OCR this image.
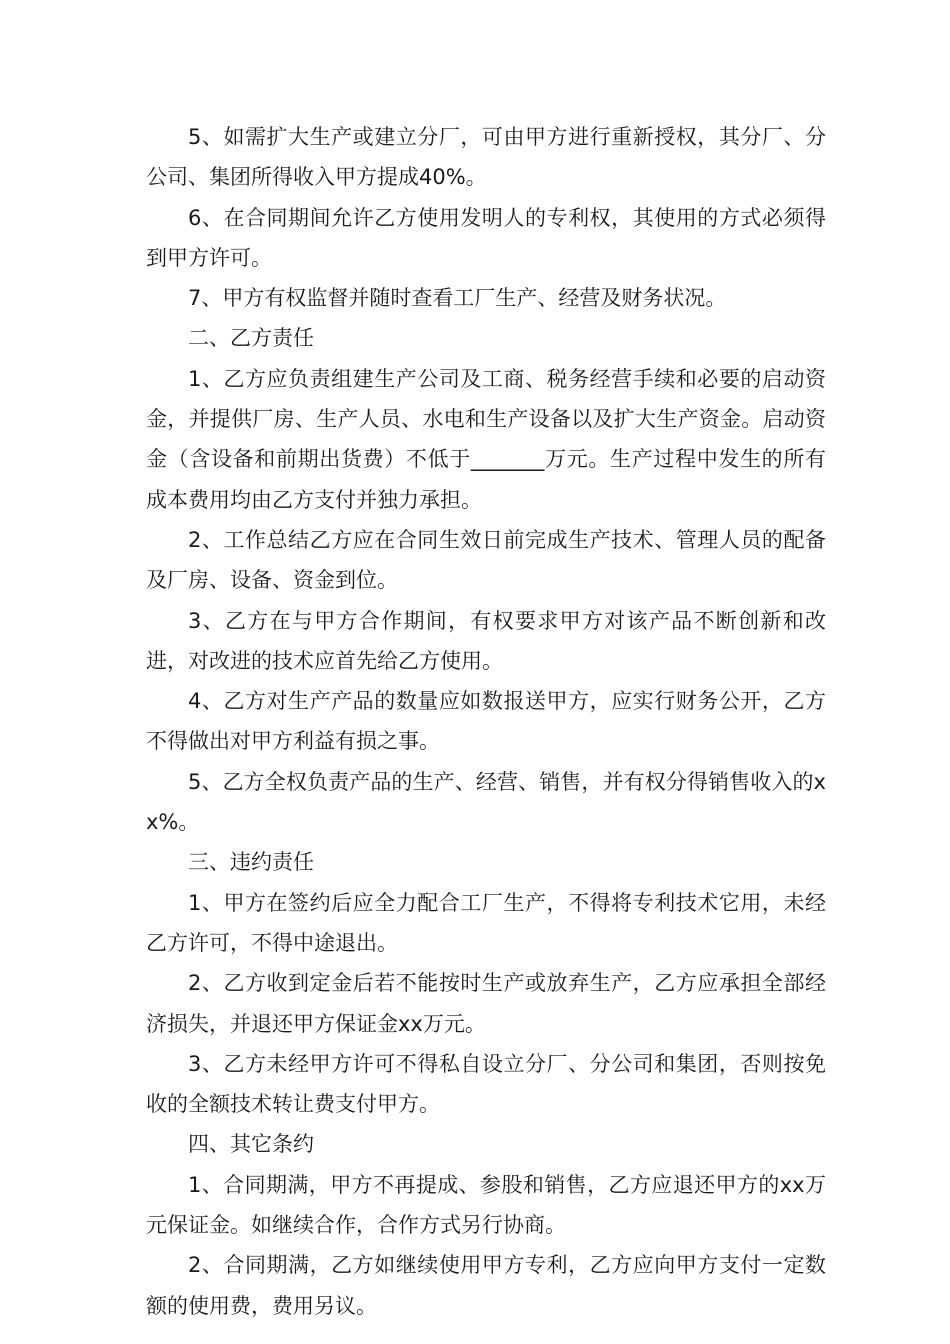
5、如需扩大生产或建立分厂，可由甲方进行重新授权，其分厂、分公司、集团所得收入甲方提成40%。

6、在合同期间允许乙方使用发明人的专利权，其使用的方式必须得到甲方许可。

7、甲方有权监督并随时查看工厂生产、经营及财务状况。

二、乙方责任

1、乙方应负责组建生产公司及工商、税务经营手续和必要的启动资金，并提供厂房、生产人员、水电和生产设备以及扩大生产资金。启动资金（含设备和前期出货费）不低于_______万元。生产过程中发生的所有成本费用均由乙方支付并独力承担。

2、工作总结乙方应在合同生效日前完成生产技术、管理人员的配备及厂房、设备、资金到位。

3、乙方在与甲方合作期间，有权要求甲方对该产品不断创新和改进，对改进的技术应首先给乙方使用。

4、乙方对生产产品的数量应如数报送甲方，应实行财务公开，乙方不得做出对甲方利益有损之事。

5、乙方全权负责产品的生产、经营、销售，并有权分得销售收入的xx%。

三、违约责任

1、甲方在签约后应全力配合工厂生产，不得将专利技术它用，未经乙方许可，不得中途退出。

2、乙方收到定金后若不能按时生产或放弃生产，乙方应承担全部经济损失，并退还甲方保证金xx万元。

3、乙方未经甲方许可不得私自设立分厂、分公司和集团，否则按免收的全额技术转让费支付甲方。

四、其它条约

1、合同期满，甲方不再提成、参股和销售，乙方应退还甲方的xx万元保证金。如继续合作，合作方式另行协商。

2、合同期满，乙方如继续使用甲方专利，乙方应向甲方支付一定数额的使用费，费用另议。
